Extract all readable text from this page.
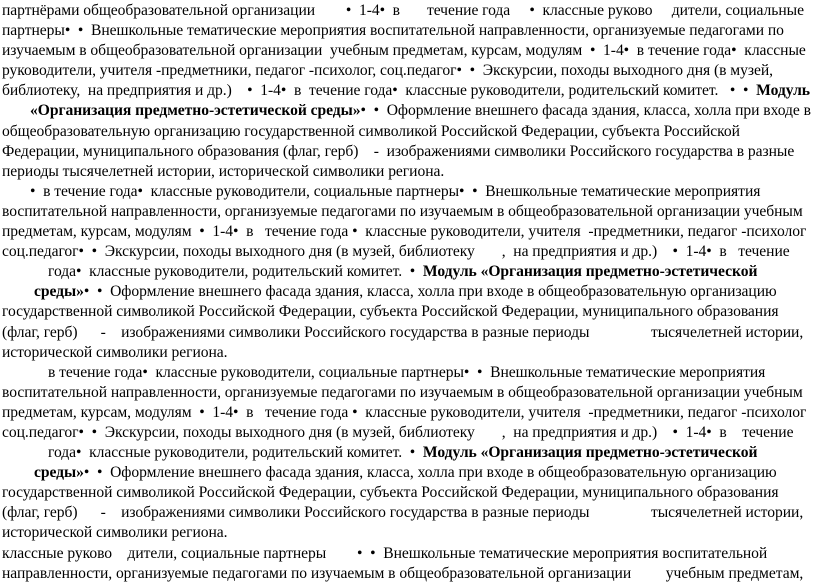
партнёрами общеобразовательной организации        •  1-4•  в       течение года     •  классные руково     дители, социальные
партнеры•  •  Внешкольные тематические мероприятия воспитательной направленности, организуемые педагогами по
изучаемым в общеобразовательной организации  учебным предметам, курсам, модулям  •  1-4•  в течение года•  классные
руководители, учителя -предметники, педагог -психолог, соц.педагог•  •  Экскурсии, походы выходного дня (в музей,
библиотеку,  на предприятия и др.)    •  1-4•  в  течение года•  классные руководители, родительский комитет.   •  •  Модуль
«Организация предметно-эстетической среды»•  •  Оформление внешнего фасада здания, класса, холла при входе в
общеобразовательную организацию государственной символикой Российской Федерации, субъекта Российской
Федерации, муниципального образования (флаг, герб)    -  изображениями символики Российского государства в разные
периоды тысячелетней истории, исторической символики региона.
•  в течение года•  классные руководители, социальные партнеры•  •  Внешкольные тематические мероприятия
воспитательной направленности, организуемые педагогами по изучаемым в общеобразовательной организации учебным
предметам, курсам, модулям  •  1-4•  в   течение года •  классные руководители, учителя  -предметники, педагог -психолог
соц.педагог•  •  Экскурсии, походы выходного дня (в музей, библиотеку       ,  на предприятия и др.)    •  1-4•  в   течение
года•  классные руководители, родительский комитет.  •  Модуль «Организация предметно-эстетической
среды»•  •  Оформление внешнего фасада здания, класса, холла при входе в общеобразовательную организацию
государственной символикой Российской Федерации, субъекта Российской Федерации, муниципального образования
(флаг, герб)      -    изображениями символики Российского государства в разные периоды                тысячелетней истории,
исторической символики региона.
в течение года•  классные руководители, социальные партнеры•  •  Внешкольные тематические мероприятия
воспитательной направленности, организуемые педагогами по изучаемым в общеобразовательной организации учебным
предметам, курсам, модулям  •  1-4•  в   течение года •  классные руководители, учителя  -предметники, педагог -психолог
соц.педагог•  •  Экскурсии, походы выходного дня (в музей, библиотеку       ,  на предприятия и др.)    •  1-4•  в    течение
года•  классные руководители, родительский комитет.  •  Модуль «Организация предметно-эстетической
среды»•  •  Оформление внешнего фасада здания, класса, холла при входе в общеобразовательную организацию
государственной символикой Российской Федерации, субъекта Российской Федерации, муниципального образования
(флаг, герб)      -    изображениями символики Российского государства в разные периоды                тысячелетней истории,
исторической символики региона.
классные руково    дители, социальные партнеры        •  •  Внешкольные тематические мероприятия воспитательной
направленности, организуемые педагогами по изучаемым в общеобразовательной организации         учебным предметам,
